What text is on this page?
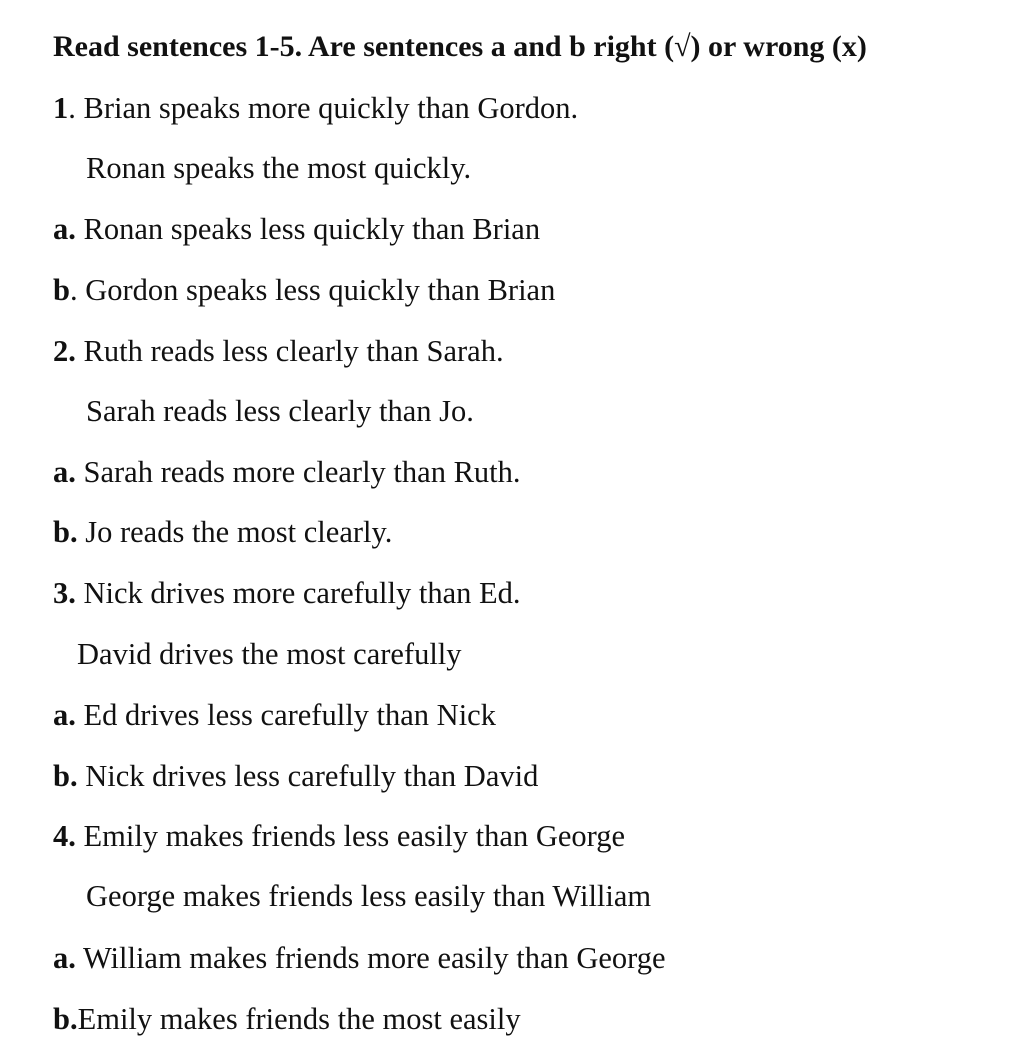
Read sentences 1-5. Are sentences a and b right (√) or wrong (x)
1. Brian speaks more quickly than Gordon.
Ronan speaks the most quickly.
a. Ronan speaks less quickly than Brian
b. Gordon speaks less quickly than Brian
2. Ruth reads less clearly than Sarah.
Sarah reads less clearly than Jo.
a. Sarah reads more clearly than Ruth.
b. Jo reads the most clearly.
3. Nick drives more carefully than Ed.
David drives the most carefully
a. Ed drives less carefully than Nick
b. Nick drives less carefully than David
4. Emily makes friends less easily than George
George makes friends less easily than William
a. William makes friends more easily than George
b.Emily makes friends the most easily
